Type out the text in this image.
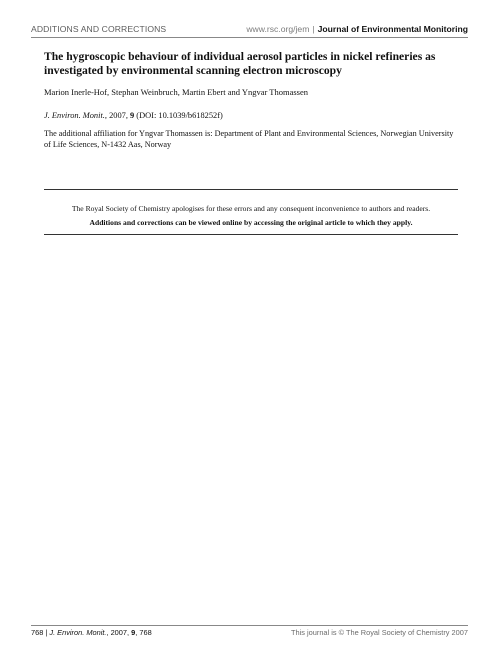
ADDITIONS AND CORRECTIONS	www.rsc.org/jem | Journal of Environmental Monitoring
The hygroscopic behaviour of individual aerosol particles in nickel refineries as investigated by environmental scanning electron microscopy

Marion Inerle-Hof, Stephan Weinbruch, Martin Ebert and Yngvar Thomassen

J. Environ. Monit., 2007, 9 (DOI: 10.1039/b618252f)

The additional affiliation for Yngvar Thomassen is: Department of Plant and Environmental Sciences, Norwegian University of Life Sciences, N-1432 Aas, Norway

The Royal Society of Chemistry apologises for these errors and any consequent inconvenience to authors and readers.

Additions and corrections can be viewed online by accessing the original article to which they apply.

768 | J. Environ. Monit., 2007, 9, 768	This journal is © The Royal Society of Chemistry 2007
